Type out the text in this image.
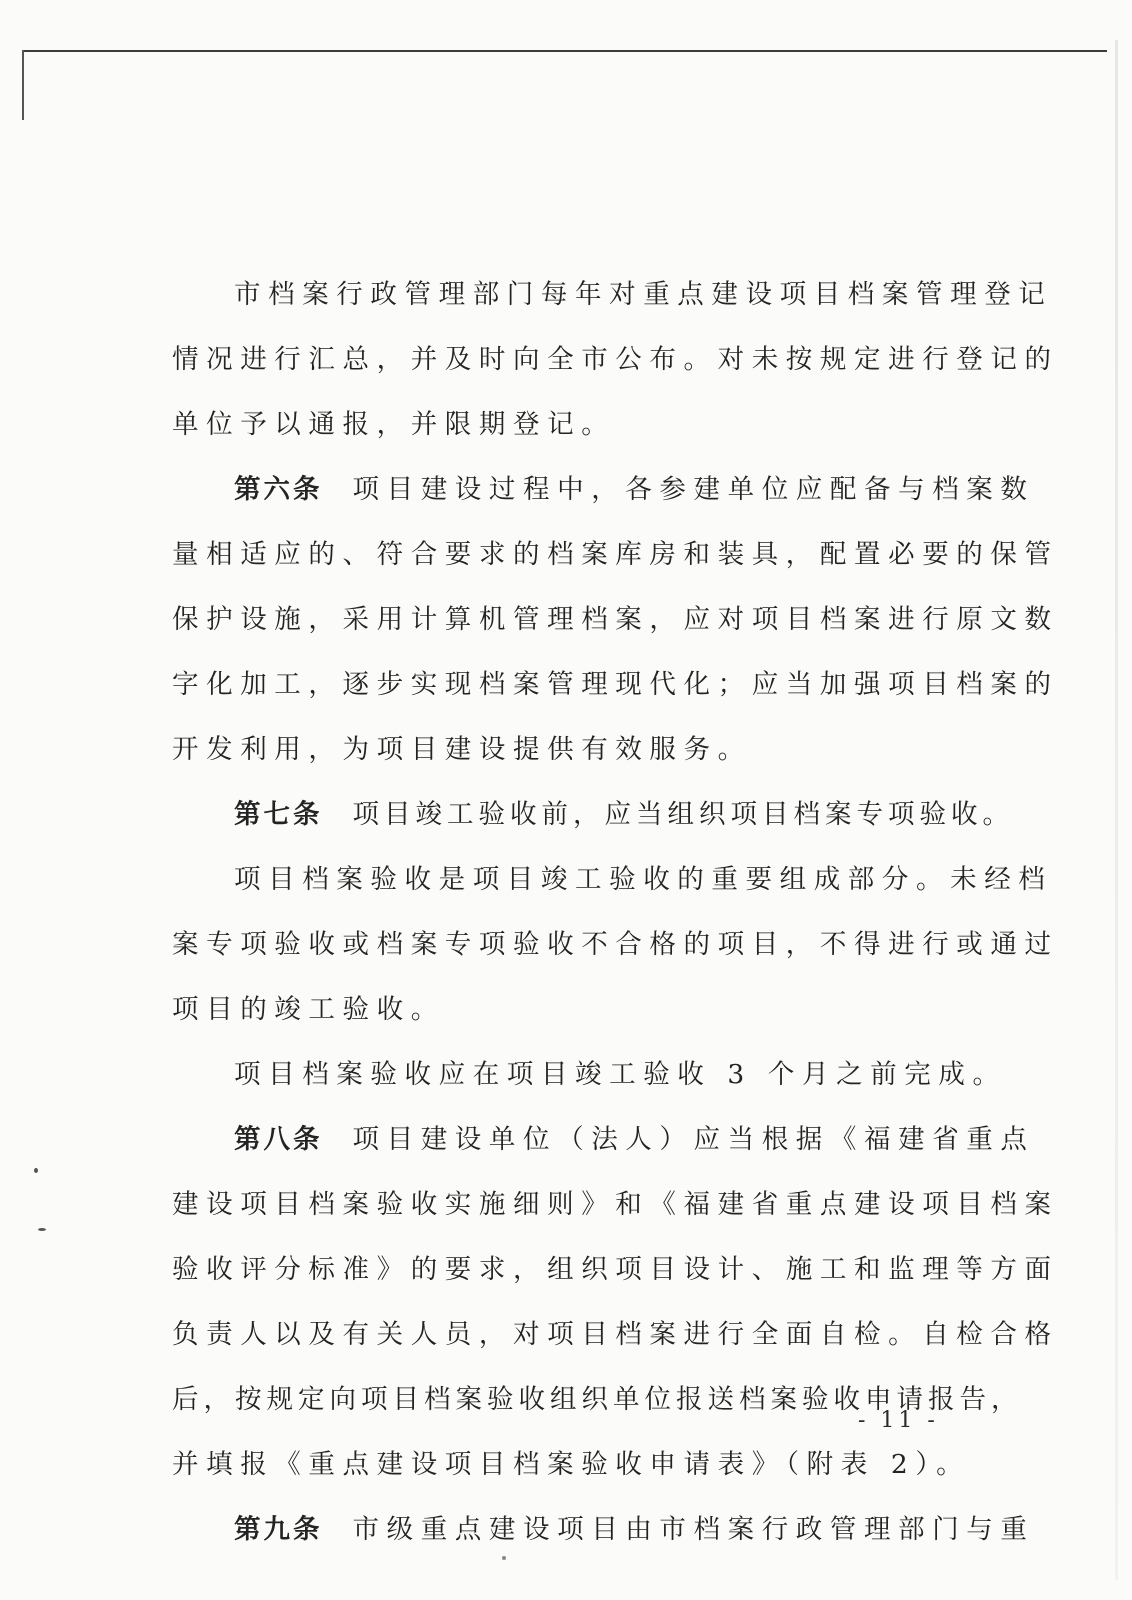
市档案行政管理部门每年对重点建设项目档案管理登记
情况进行汇总，并及时向全市公布。对未按规定进行登记的
单位予以通报，并限期登记。
第六条 项目建设过程中，各参建单位应配备与档案数
量相适应的、符合要求的档案库房和装具，配置必要的保管
保护设施，采用计算机管理档案，应对项目档案进行原文数
字化加工，逐步实现档案管理现代化；应当加强项目档案的
开发利用，为项目建设提供有效服务。
第七条 项目竣工验收前，应当组织项目档案专项验收。
项目档案验收是项目竣工验收的重要组成部分。未经档
案专项验收或档案专项验收不合格的项目，不得进行或通过
项目的竣工验收。
项目档案验收应在项目竣工验收 3 个月之前完成。
第八条 项目建设单位（法人）应当根据《福建省重点
建设项目档案验收实施细则》和《福建省重点建设项目档案
验收评分标准》的要求，组织项目设计、施工和监理等方面
负责人以及有关人员，对项目档案进行全面自检。自检合格
后，按规定向项目档案验收组织单位报送档案验收申请报告，
并填报《重点建设项目档案验收申请表》（附表 2）。
第九条 市级重点建设项目由市档案行政管理部门与重
- 11 -
